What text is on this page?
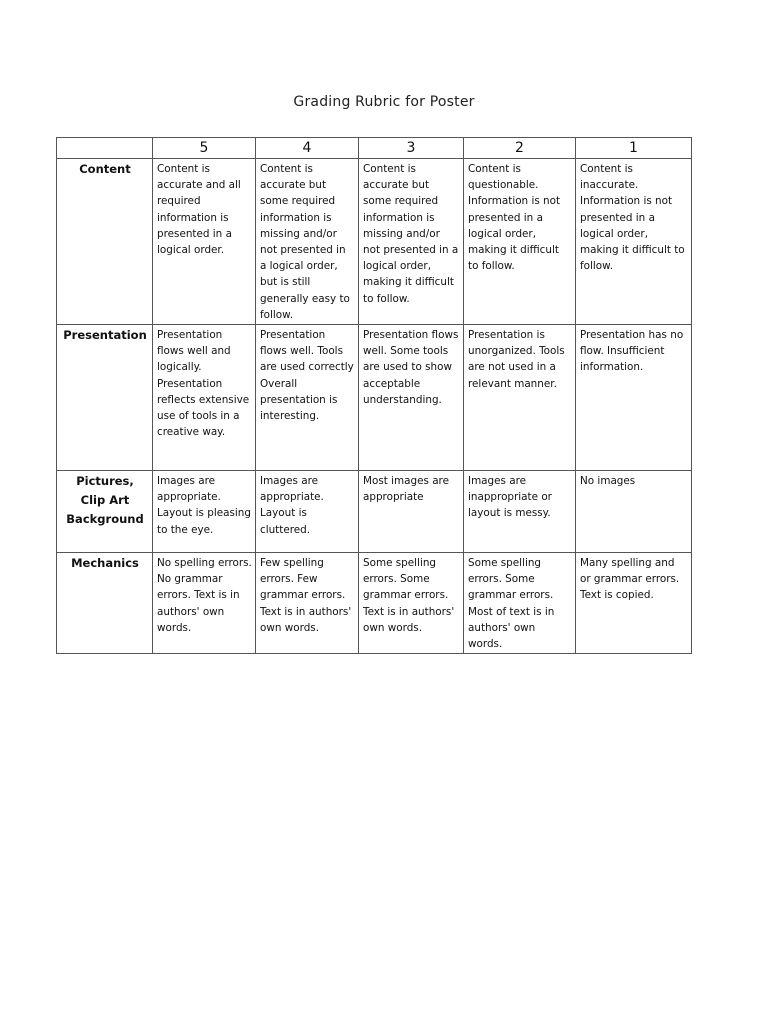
Grading Rubric for Poster
	5	4	3	2	1

Content	Content is accurate and all required information is presented in a logical order.	Content is accurate but some required information is missing and/or not presented in a logical order, but is still generally easy to follow.	Content is accurate but some required information is missing and/or not presented in a logical order, making it difficult to follow.	Content is questionable. Information is not presented in a logical order, making it difficult to follow.	Content is inaccurate. Information is not presented in a logical order, making it difficult to follow.

Presentation	Presentation flows well and logically. Presentation reflects extensive use of tools in a creative way.	Presentation flows well. Tools are used correctly Overall presentation is interesting.	Presentation flows well. Some tools are used to show acceptable understanding.	Presentation is unorganized. Tools are not used in a relevant manner.	Presentation has no flow. Insufficient information.

Pictures,
Clip Art
Background	Images are appropriate. Layout is pleasing to the eye.	Images are appropriate. Layout is cluttered.	Most images are appropriate	Images are inappropriate or layout is messy.	No images

Mechanics	No spelling errors. No grammar errors. Text is in authors' own words.	Few spelling errors. Few grammar errors. Text is in authors' own words.	Some spelling errors. Some grammar errors. Text is in authors' own words.	Some spelling errors. Some grammar errors. Most of text is in authors' own words.	Many spelling and or grammar errors. Text is copied.
